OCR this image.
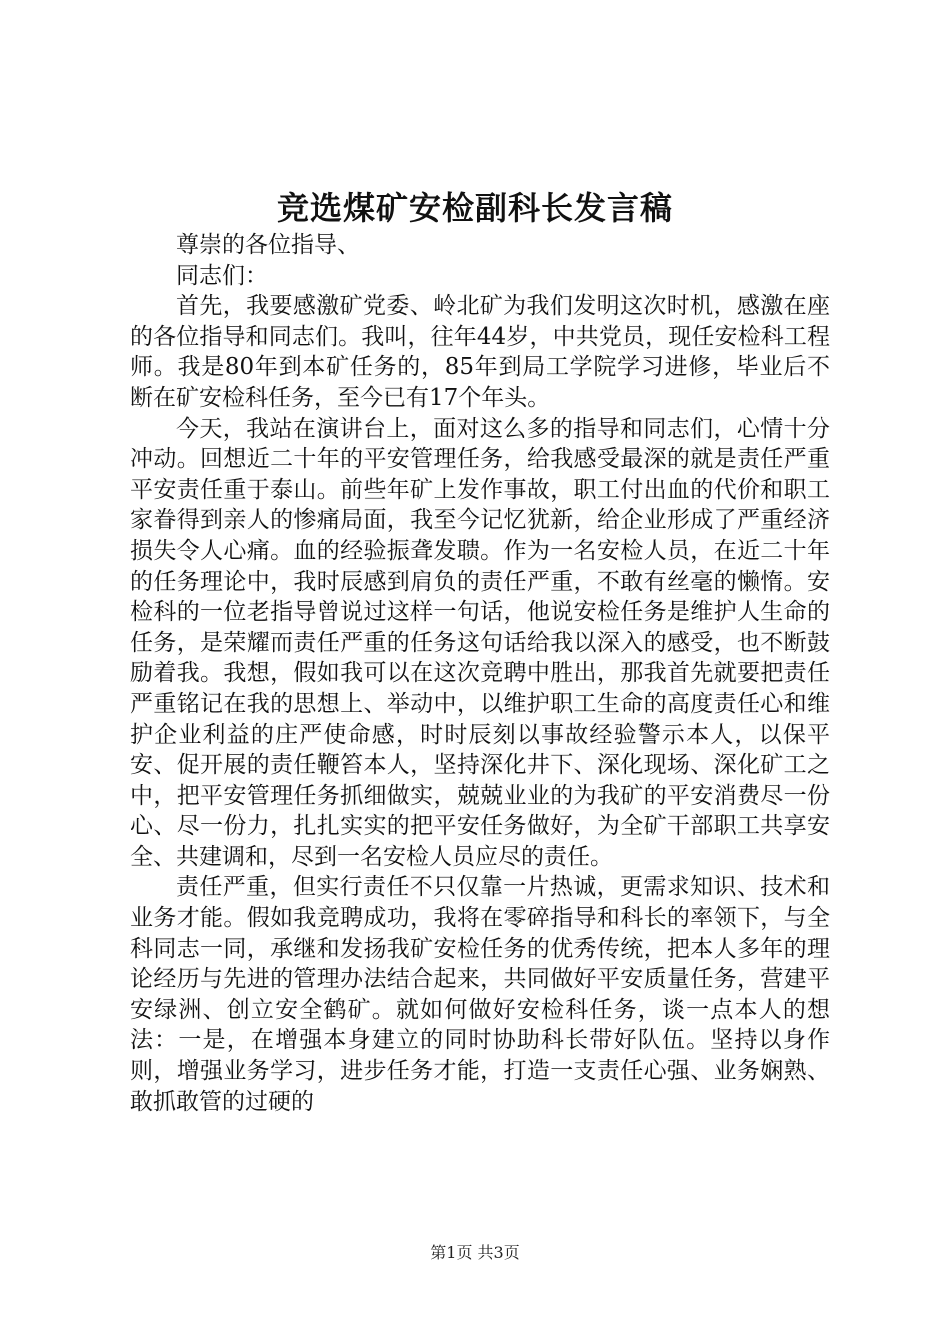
竞选煤矿安检副科长发言稿

尊崇的各位指导、

同志们：

首先，我要感激矿党委、岭北矿为我们发明这次时机，感激在座的各位指导和同志们。我叫，往年44岁，中共党员，现任安检科工程师。我是80年到本矿任务的，85年到局工学院学习进修，毕业后不断在矿安检科任务，至今已有17个年头。

今天，我站在演讲台上，面对这么多的指导和同志们，心情十分冲动。回想近二十年的平安管理任务，给我感受最深的就是责任严重平安责任重于泰山。前些年矿上发作事故，职工付出血的代价和职工家眷得到亲人的惨痛局面，我至今记忆犹新，给企业形成了严重经济损失令人心痛。血的经验振聋发聩。作为一名安检人员，在近二十年的任务理论中，我时辰感到肩负的责任严重，不敢有丝毫的懒惰。安检科的一位老指导曾说过这样一句话，他说安检任务是维护人生命的任务，是荣耀而责任严重的任务这句话给我以深入的感受，也不断鼓励着我。我想，假如我可以在这次竞聘中胜出，那我首先就要把责任严重铭记在我的思想上、举动中，以维护职工生命的高度责任心和维护企业利益的庄严使命感，时时辰刻以事故经验警示本人，以保平安、促开展的责任鞭笞本人，坚持深化井下、深化现场、深化矿工之中，把平安管理任务抓细做实，兢兢业业的为我矿的平安消费尽一份心、尽一份力，扎扎实实的把平安任务做好，为全矿干部职工共享安全、共建调和，尽到一名安检人员应尽的责任。

责任严重，但实行责任不只仅靠一片热诚，更需求知识、技术和业务才能。假如我竞聘成功，我将在零碎指导和科长的率领下，与全科同志一同，承继和发扬我矿安检任务的优秀传统，把本人多年的理论经历与先进的管理办法结合起来，共同做好平安质量任务，营建平安绿洲、创立安全鹤矿。就如何做好安检科任务，谈一点本人的想法：一是，在增强本身建立的同时协助科长带好队伍。坚持以身作则，增强业务学习，进步任务才能，打造一支责任心强、业务娴熟、敢抓敢管的过硬的

第1页 共3页
